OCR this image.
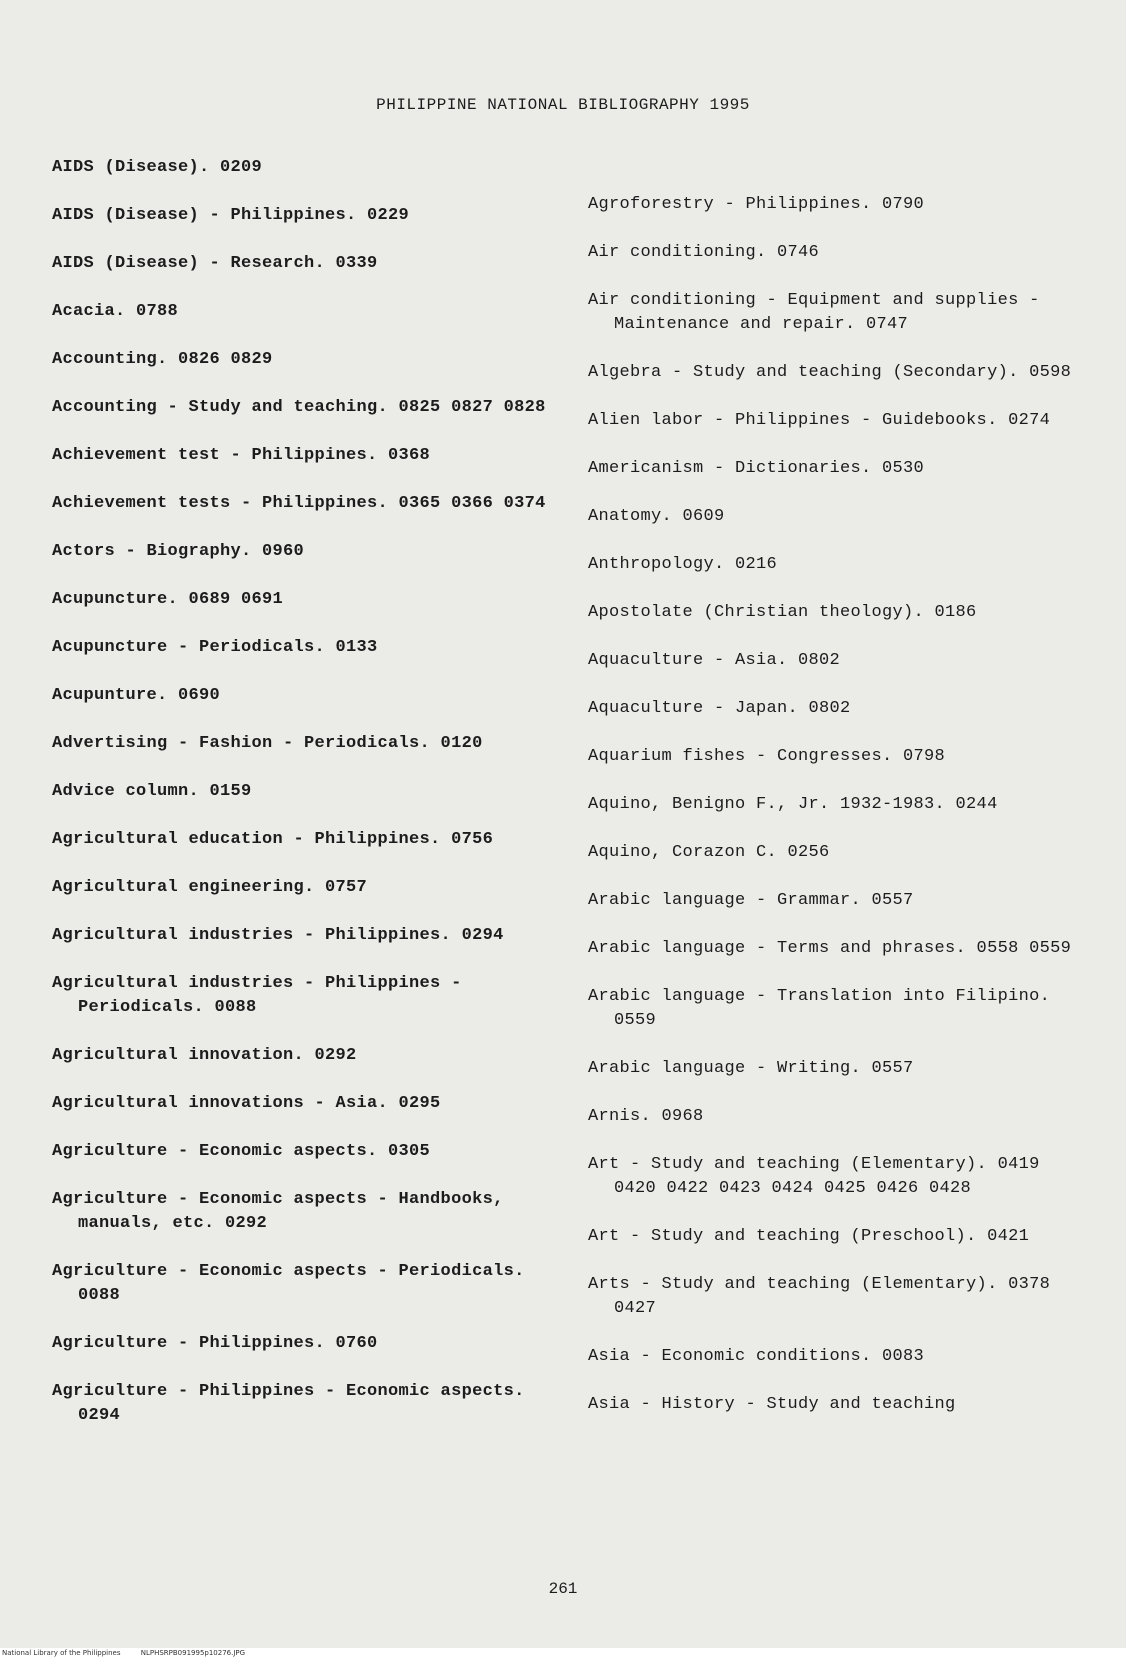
PHILIPPINE NATIONAL BIBLIOGRAPHY 1995
AIDS (Disease). 0209
AIDS (Disease) - Philippines. 0229
AIDS (Disease) - Research. 0339
Acacia. 0788
Accounting. 0826 0829
Accounting - Study and teaching. 0825 0827 0828
Achievement test - Philippines. 0368
Achievement tests - Philippines. 0365 0366 0374
Actors - Biography. 0960
Acupuncture. 0689 0691
Acupuncture - Periodicals. 0133
Acupunture. 0690
Advertising - Fashion - Periodicals. 0120
Advice column. 0159
Agricultural education - Philippines. 0756
Agricultural engineering. 0757
Agricultural industries - Philippines. 0294
Agricultural industries - Philippines - Periodicals. 0088
Agricultural innovation. 0292
Agricultural innovations - Asia. 0295
Agriculture - Economic aspects. 0305
Agriculture - Economic aspects - Handbooks, manuals, etc. 0292
Agriculture - Economic aspects - Periodicals. 0088
Agriculture - Philippines. 0760
Agriculture - Philippines - Economic aspects. 0294
Agroforestry - Philippines. 0790
Air conditioning. 0746
Air conditioning - Equipment and supplies - Maintenance and repair. 0747
Algebra - Study and teaching (Secondary). 0598
Alien labor - Philippines - Guidebooks. 0274
Americanism - Dictionaries. 0530
Anatomy. 0609
Anthropology. 0216
Apostolate (Christian theology). 0186
Aquaculture - Asia. 0802
Aquaculture - Japan. 0802
Aquarium fishes - Congresses. 0798
Aquino, Benigno F., Jr. 1932-1983. 0244
Aquino, Corazon C. 0256
Arabic language - Grammar. 0557
Arabic language - Terms and phrases. 0558 0559
Arabic language - Translation into Filipino. 0559
Arabic language - Writing. 0557
Arnis. 0968
Art - Study and teaching (Elementary). 0419 0420 0422 0423 0424 0425 0426 0428
Art - Study and teaching (Preschool). 0421
Arts - Study and teaching (Elementary). 0378 0427
Asia - Economic conditions. 0083
Asia - History - Study and teaching
261
National Library of the Philippines	NLPHSRPB091995p10276.JPG
